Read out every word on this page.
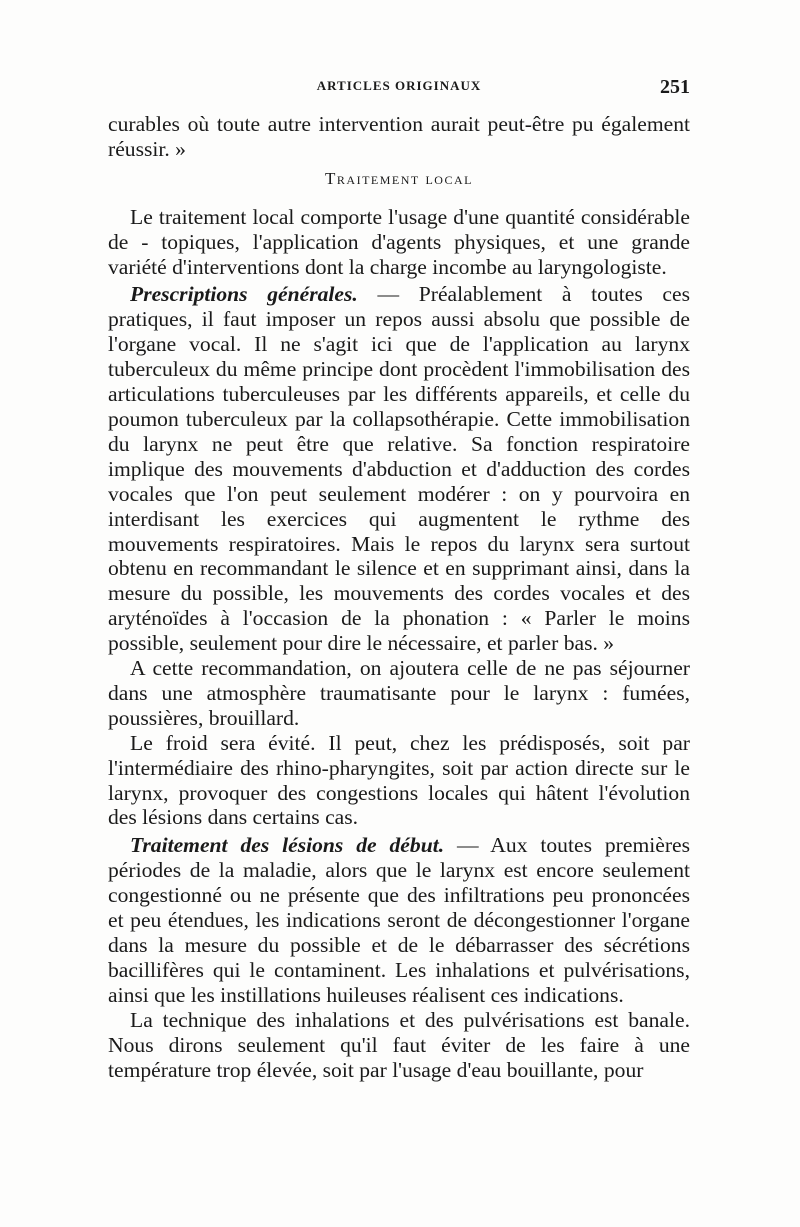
ARTICLES ORIGINAUX	251

curables où toute autre intervention aurait peut-être pu également réussir. »

Traitement local

Le traitement local comporte l'usage d'une quantité considérable de - topiques, l'application d'agents physiques, et une grande variété d'interventions dont la charge incombe au laryngologiste.

Prescriptions générales. — Préalablement à toutes ces pratiques, il faut imposer un repos aussi absolu que possible de l'organe vocal. Il ne s'agit ici que de l'application au larynx tuberculeux du même principe dont procèdent l'immobilisation des articulations tuberculeuses par les différents appareils, et celle du poumon tuberculeux par la collapsothérapie. Cette immobilisation du larynx ne peut être que relative. Sa fonction respiratoire implique des mouvements d'abduction et d'adduction des cordes vocales que l'on peut seulement modérer : on y pourvoira en interdisant les exercices qui augmentent le rythme des mouvements respiratoires. Mais le repos du larynx sera surtout obtenu en recommandant le silence et en supprimant ainsi, dans la mesure du possible, les mouvements des cordes vocales et des aryténoïdes à l'occasion de la phonation : « Parler le moins possible, seulement pour dire le nécessaire, et parler bas. »

A cette recommandation, on ajoutera celle de ne pas séjourner dans une atmosphère traumatisante pour le larynx : fumées, poussières, brouillard.

Le froid sera évité. Il peut, chez les prédisposés, soit par l'intermédiaire des rhino-pharyngites, soit par action directe sur le larynx, provoquer des congestions locales qui hâtent l'évolution des lésions dans certains cas.

Traitement des lésions de début. — Aux toutes premières périodes de la maladie, alors que le larynx est encore seulement congestionné ou ne présente que des infiltrations peu prononcées et peu étendues, les indications seront de décongestionner l'organe dans la mesure du possible et de le débarrasser des sécrétions bacillifères qui le contaminent. Les inhalations et pulvérisations, ainsi que les instillations huileuses réalisent ces indications.

La technique des inhalations et des pulvérisations est banale. Nous dirons seulement qu'il faut éviter de les faire à une température trop élevée, soit par l'usage d'eau bouillante, pour
